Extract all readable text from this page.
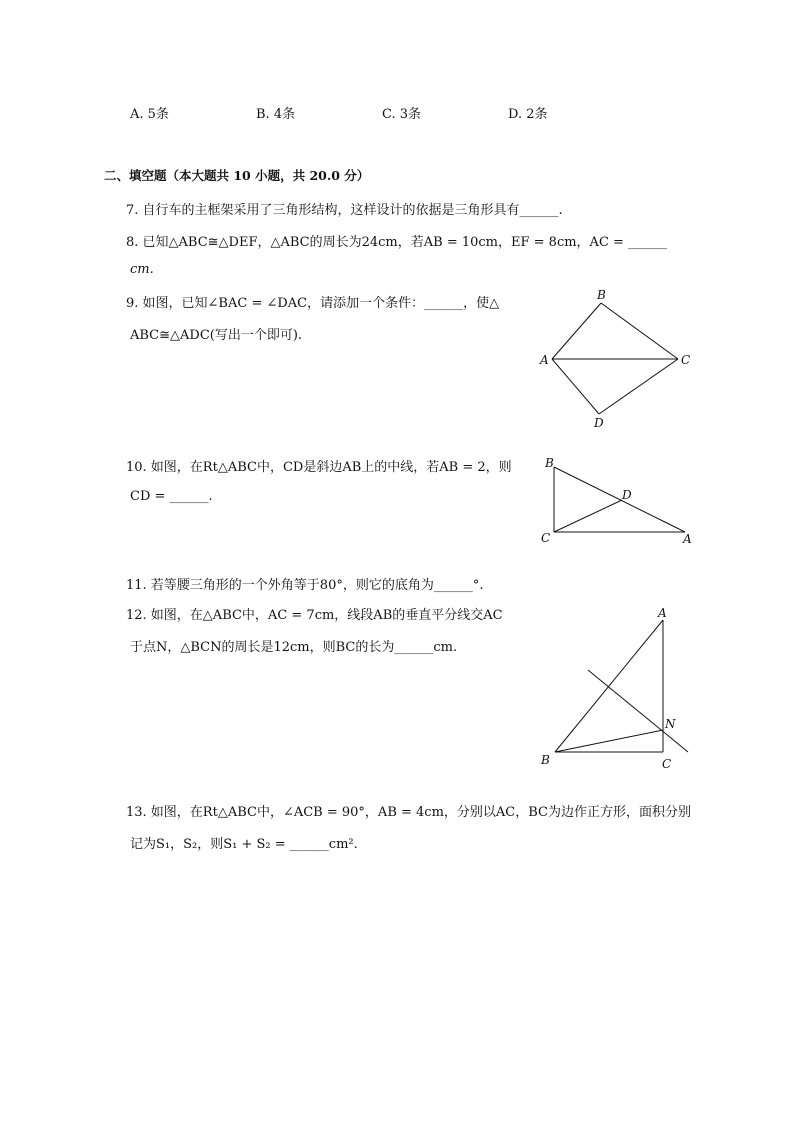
A. 5条	B. 4条	C. 3条	D. 2条
二、填空题（本大题共 10 小题，共 20.0 分）
7. 自行车的主框架采用了三角形结构，这样设计的依据是三角形具有______.
8. 已知△ABC≅△DEF，△ABC的周长为24cm，若AB = 10cm，EF = 8cm，AC = ______
cm.
9. 如图，已知∠BAC = ∠DAC，请添加一个条件：______，使△
ABC≅△ADC(写出一个即可).
B
A	C
D
10. 如图，在Rt△ABC中，CD是斜边AB上的中线，若AB = 2，则
CD = ______.
B
D
C	A
11. 若等腰三角形的一个外角等于80°，则它的底角为______°.
12. 如图，在△ABC中，AC = 7cm，线段AB的垂直平分线交AC
于点N，△BCN的周长是12cm，则BC的长为______cm.
A
N
B	C
13. 如图，在Rt△ABC中，∠ACB = 90°，AB = 4cm，分别以AC，BC为边作正方形，面积分别
记为S₁，S₂，则S₁ + S₂ = ______cm².
